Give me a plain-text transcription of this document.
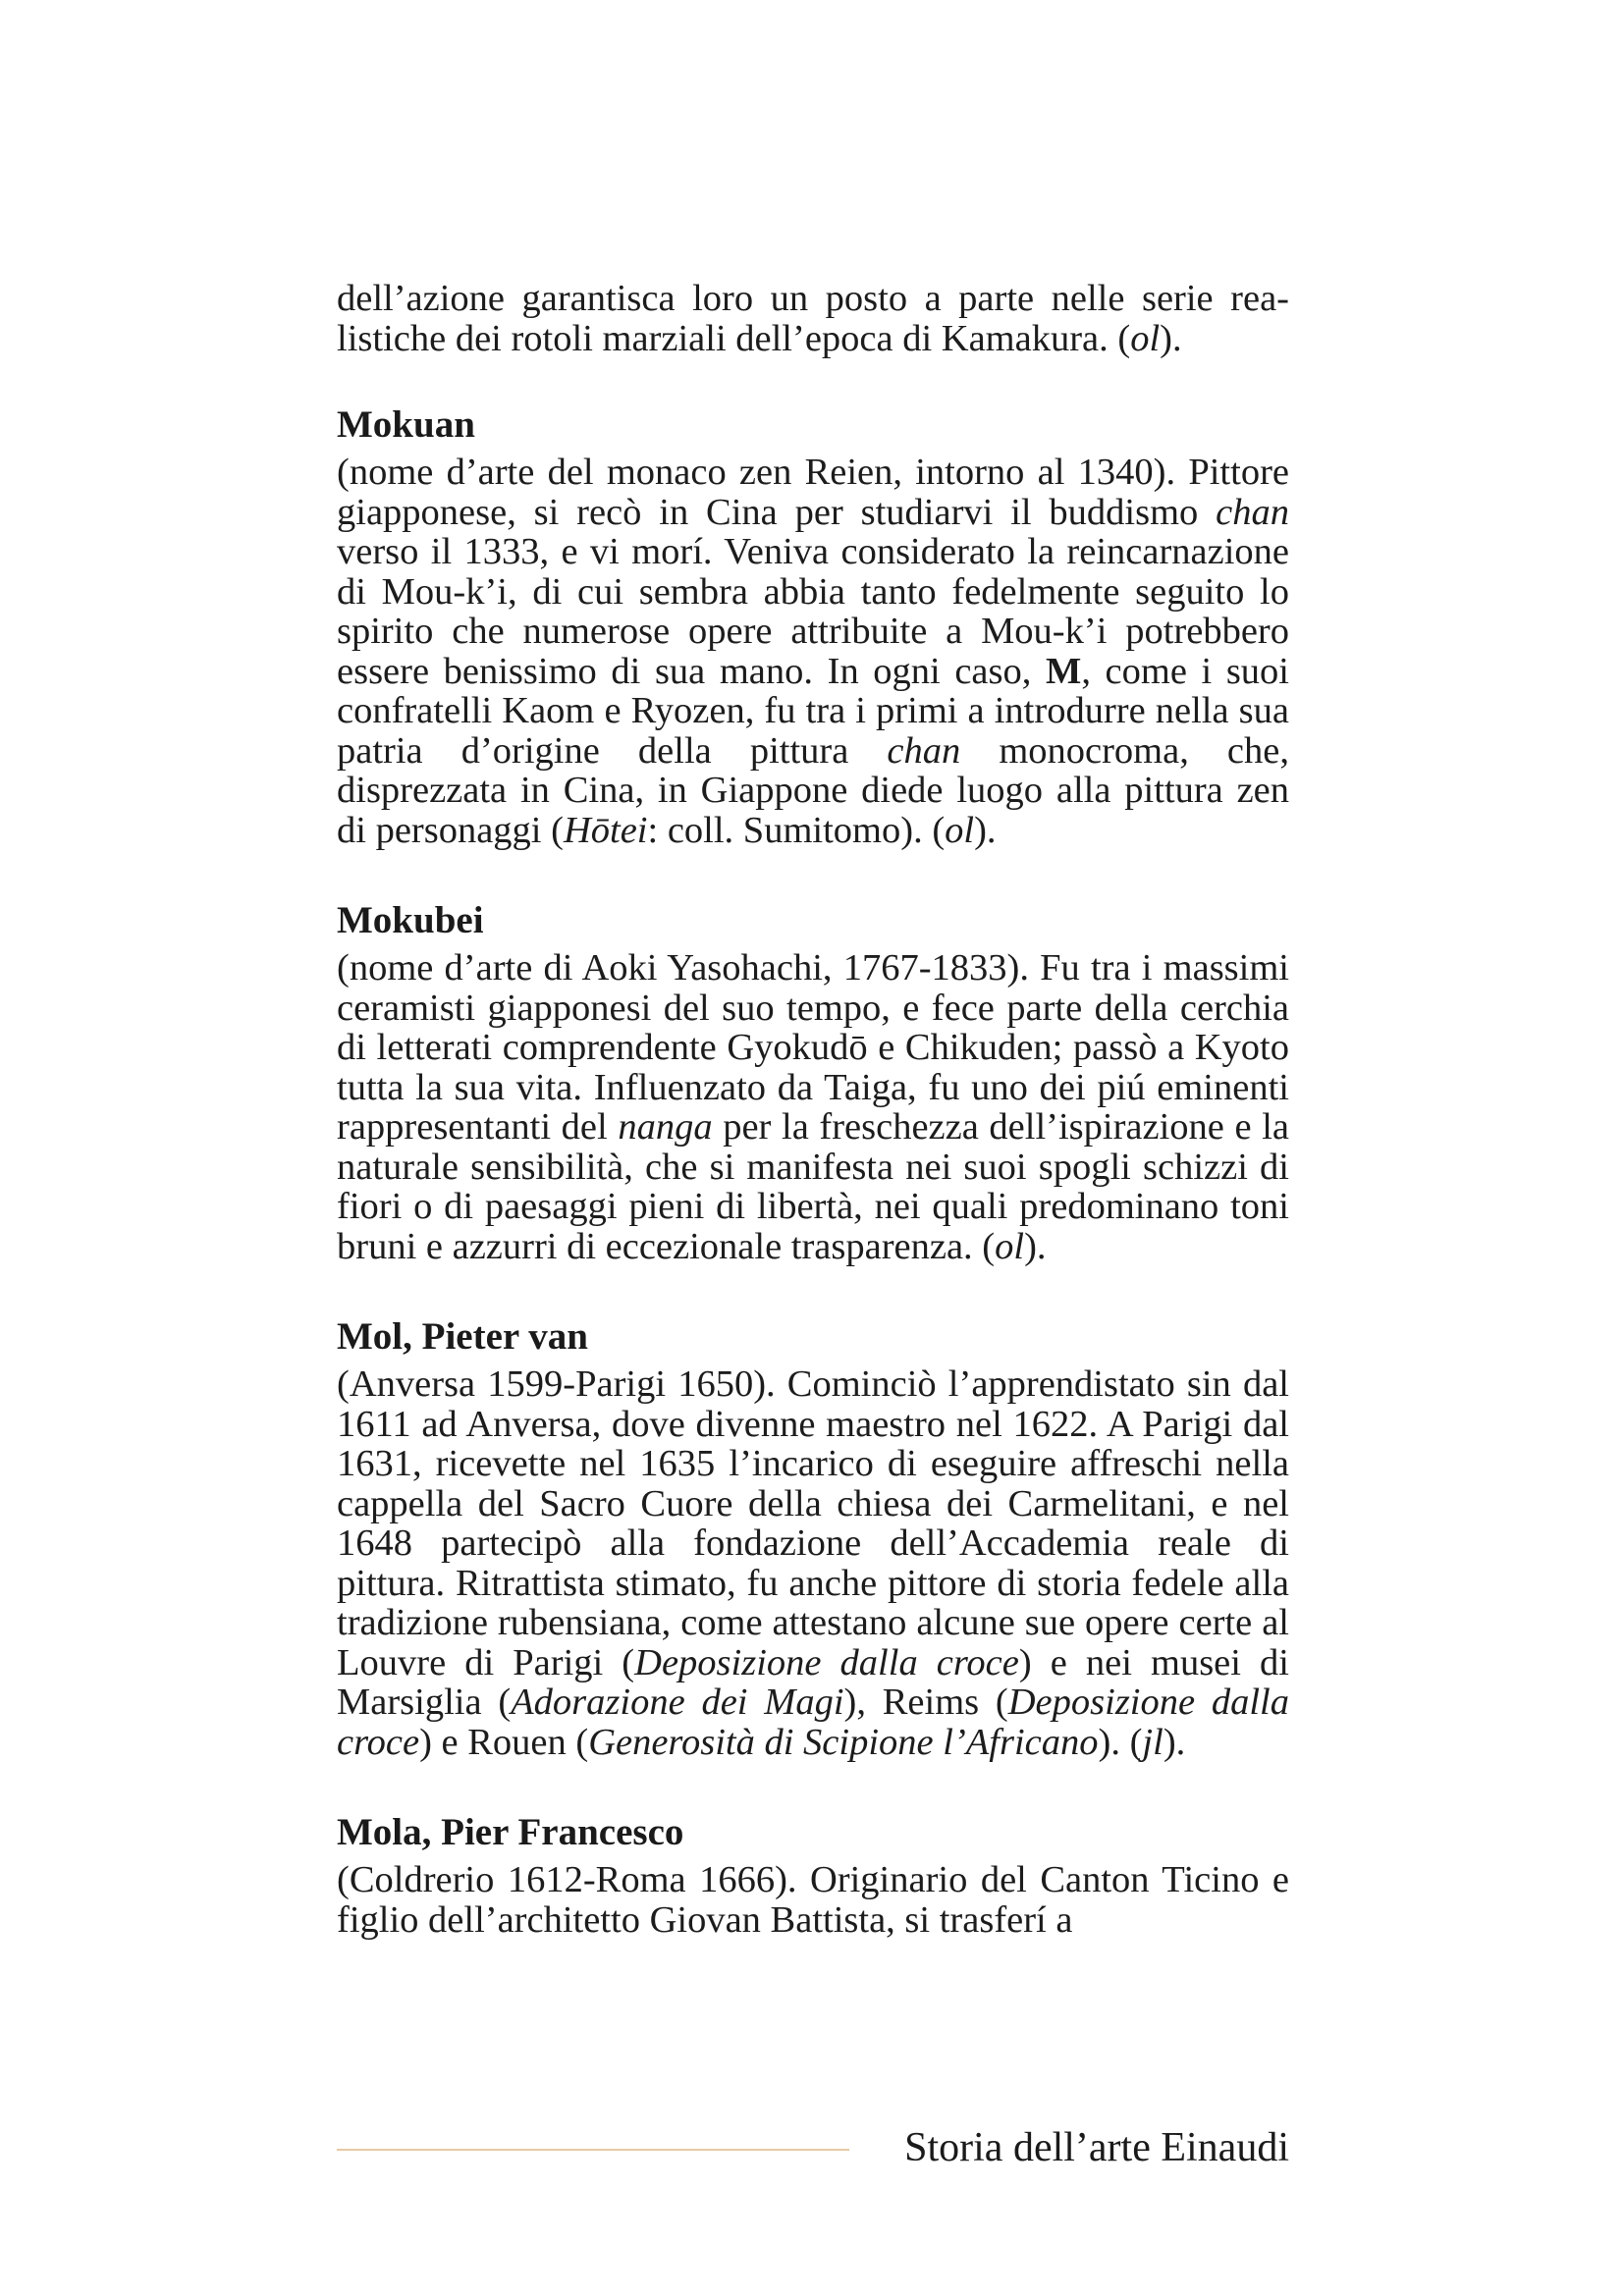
dell’azione garantisca loro un posto a parte nelle serie realistiche dei rotoli marziali dell’epoca di Kamakura. (ol).

Mokuan

(nome d’arte del monaco zen Reien, intorno al 1340). Pittore giapponese, si recò in Cina per studiarvi il buddismo chan verso il 1333, e vi morí. Veniva considerato la reincarnazione di Mou-k’i, di cui sembra abbia tanto fedelmente seguito lo spirito che numerose opere attribuite a Mou-k’i potrebbero essere benissimo di sua mano. In ogni caso, M, come i suoi confratelli Kaom e Ryozen, fu tra i primi a introdurre nella sua patria d’origine della pittura chan monocroma, che, disprezzata in Cina, in Giappone diede luogo alla pittura zen di personaggi (Hōtei: coll. Sumitomo). (ol).

Mokubei

(nome d’arte di Aoki Yasohachi, 1767-1833). Fu tra i massimi ceramisti giapponesi del suo tempo, e fece parte della cerchia di letterati comprendente Gyokudō e Chikuden; passò a Kyoto tutta la sua vita. Influenzato da Taiga, fu uno dei piú eminenti rappresentanti del nanga per la freschezza dell’ispirazione e la naturale sensibilità, che si manifesta nei suoi spogli schizzi di fiori o di paesaggi pieni di libertà, nei quali predominano toni bruni e azzurri di eccezionale trasparenza. (ol).

Mol, Pieter van

(Anversa 1599-Parigi 1650). Cominciò l’apprendistato sin dal 1611 ad Anversa, dove divenne maestro nel 1622. A Parigi dal 1631, ricevette nel 1635 l’incarico di eseguire affreschi nella cappella del Sacro Cuore della chiesa dei Carmelitani, e nel 1648 partecipò alla fondazione dell’Accademia reale di pittura. Ritrattista stimato, fu anche pittore di storia fedele alla tradizione rubensiana, come attestano alcune sue opere certe al Louvre di Parigi (Deposizione dalla croce) e nei musei di Marsiglia (Adorazione dei Magi), Reims (Deposizione dalla croce) e Rouen (Generosità di Scipione l’Africano). (jl).

Mola, Pier Francesco

(Coldrerio 1612-Roma 1666). Originario del Canton Ticino e figlio dell’architetto Giovan Battista, si trasferí a

Storia dell’arte Einaudi
